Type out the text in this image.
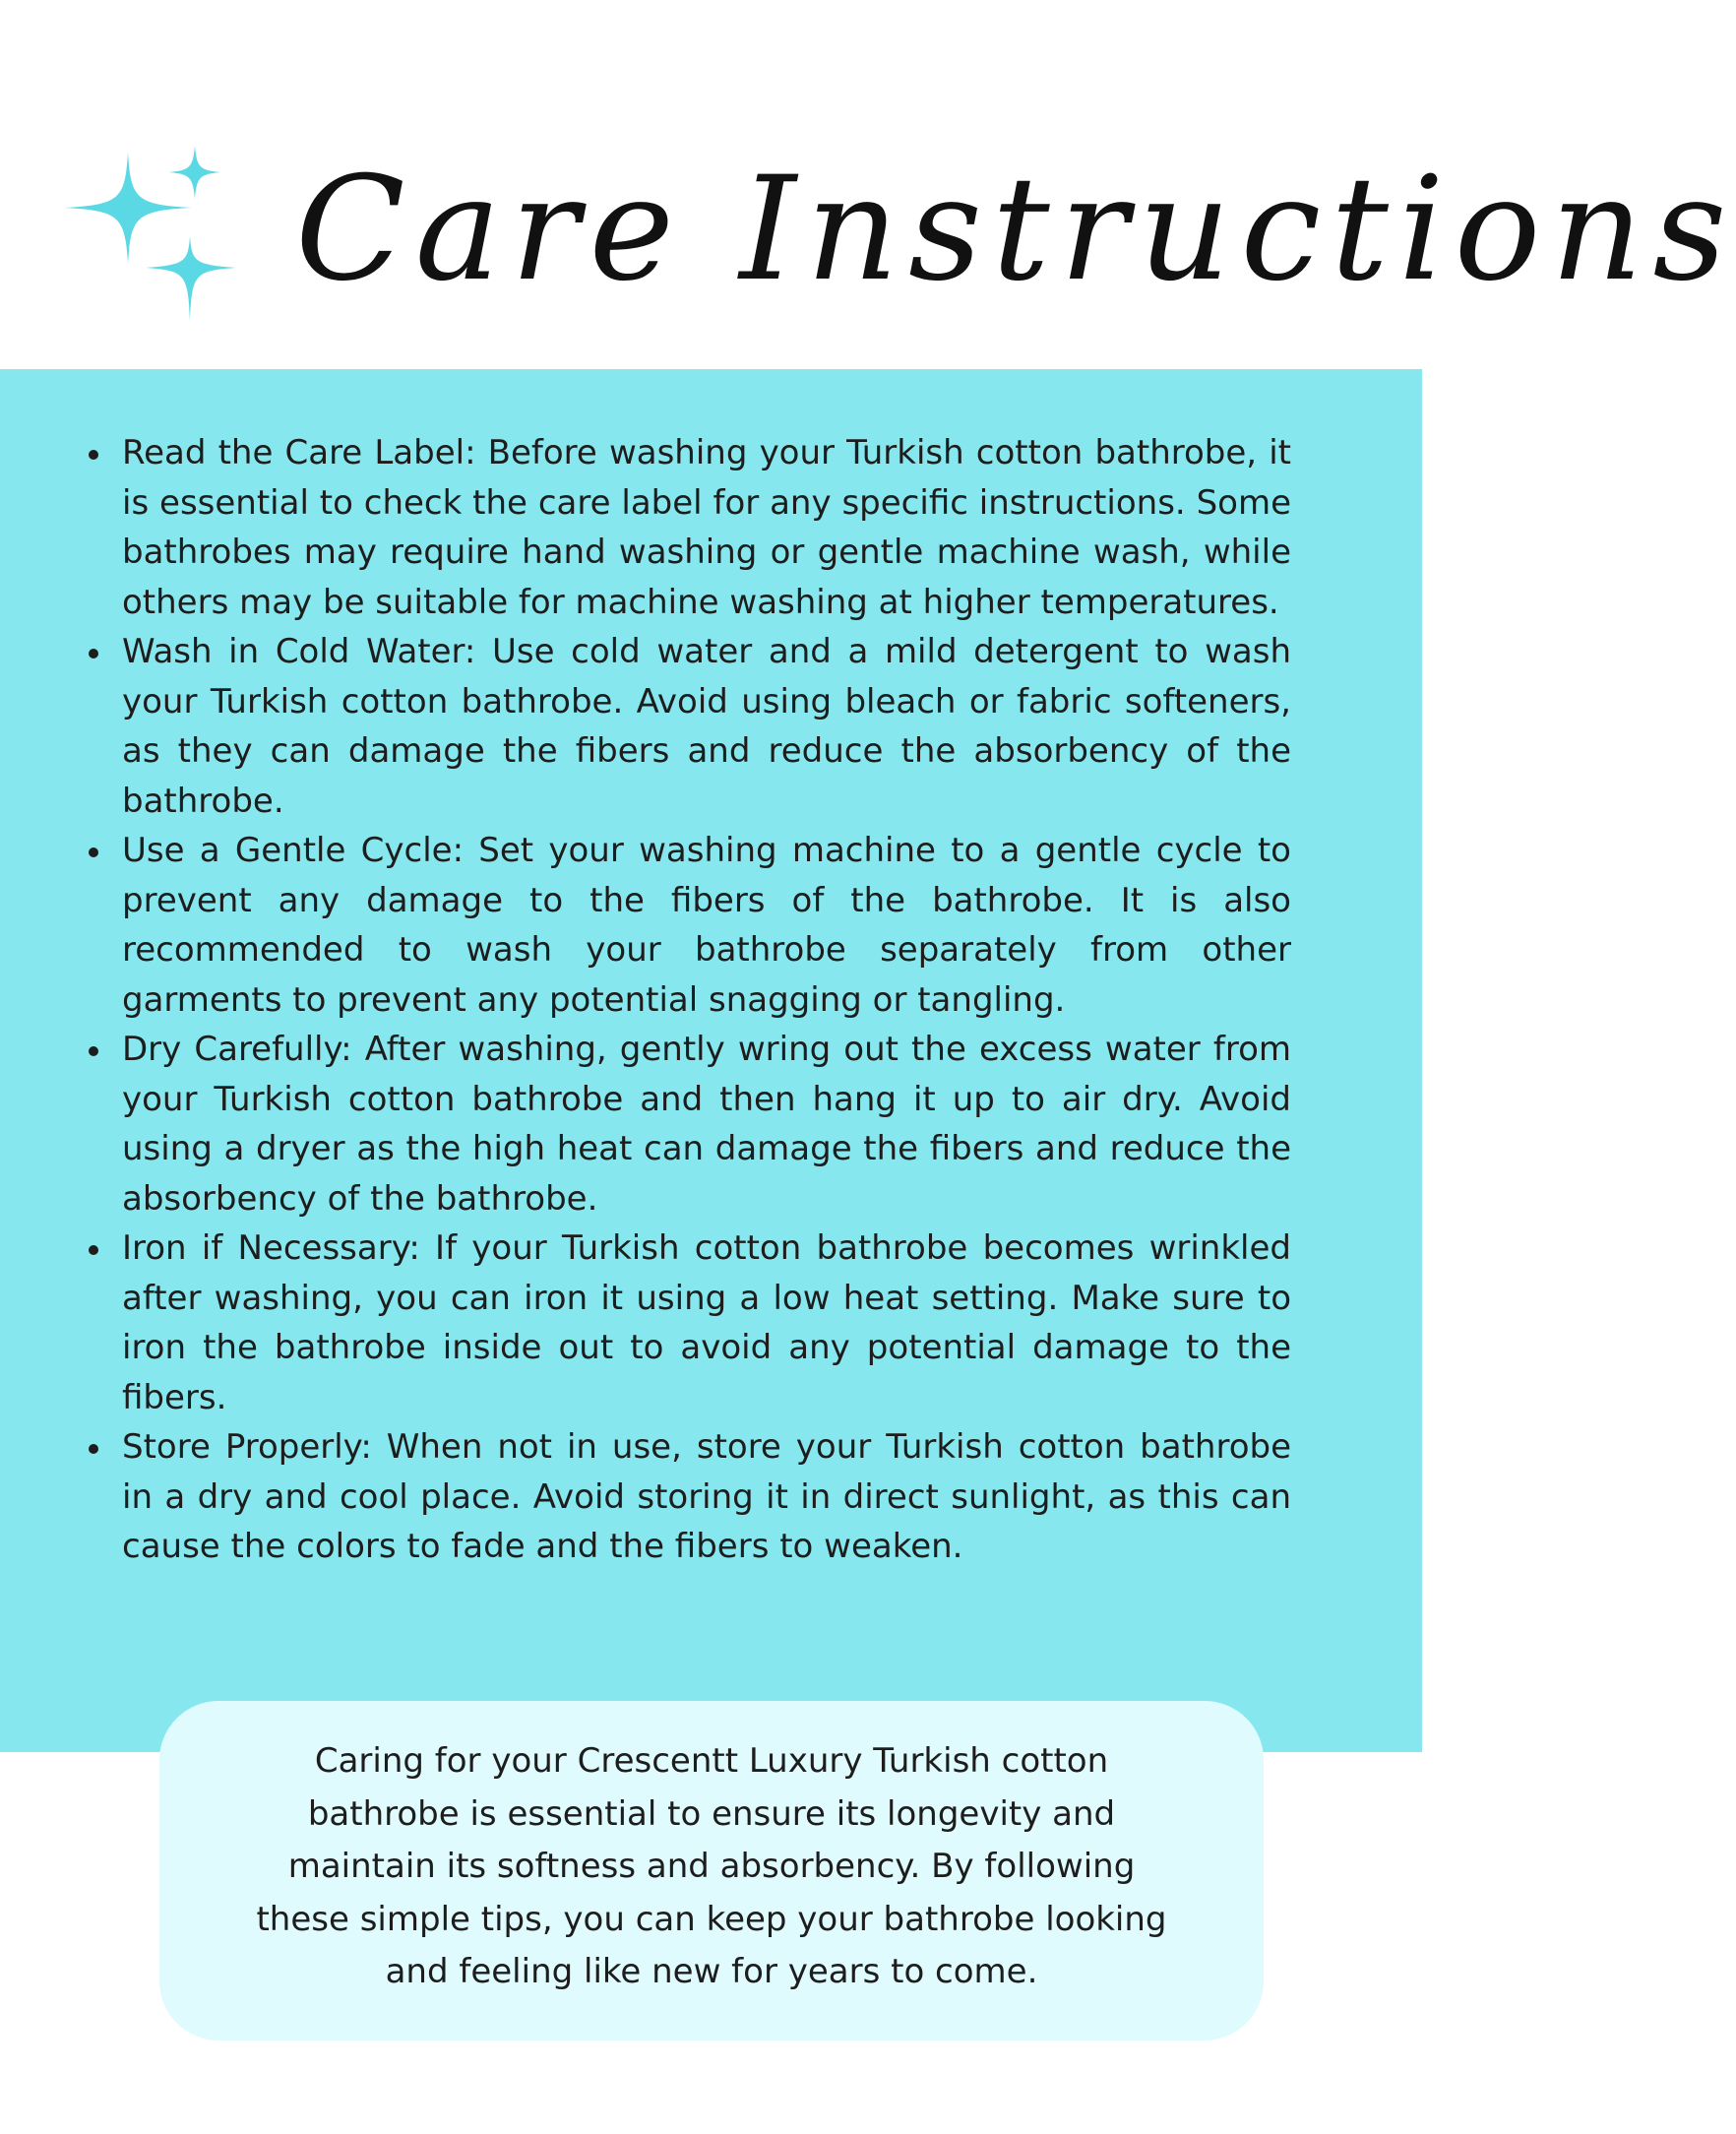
Care Instructions
Read the Care Label: Before washing your Turkish cotton bathrobe, it is essential to check the care label for any specific instructions. Some bathrobes may require hand washing or gentle machine wash, while others may be suitable for machine washing at higher temperatures.
Wash in Cold Water: Use cold water and a mild detergent to wash your Turkish cotton bathrobe. Avoid using bleach or fabric softeners, as they can damage the fibers and reduce the absorbency of the bathrobe.
Use a Gentle Cycle: Set your washing machine to a gentle cycle to prevent any damage to the fibers of the bathrobe. It is also recommended to wash your bathrobe separately from other garments to prevent any potential snagging or tangling.
Dry Carefully: After washing, gently wring out the excess water from your Turkish cotton bathrobe and then hang it up to air dry. Avoid using a dryer as the high heat can damage the fibers and reduce the absorbency of the bathrobe.
Iron if Necessary: If your Turkish cotton bathrobe becomes wrinkled after washing, you can iron it using a low heat setting. Make sure to iron the bathrobe inside out to avoid any potential damage to the fibers.
Store Properly: When not in use, store your Turkish cotton bathrobe in a dry and cool place. Avoid storing it in direct sunlight, as this can cause the colors to fade and the fibers to weaken.

Caring for your Crescentt Luxury Turkish cotton
bathrobe is essential to ensure its longevity and
maintain its softness and absorbency. By following
these simple tips, you can keep your bathrobe looking
and feeling like new for years to come.
